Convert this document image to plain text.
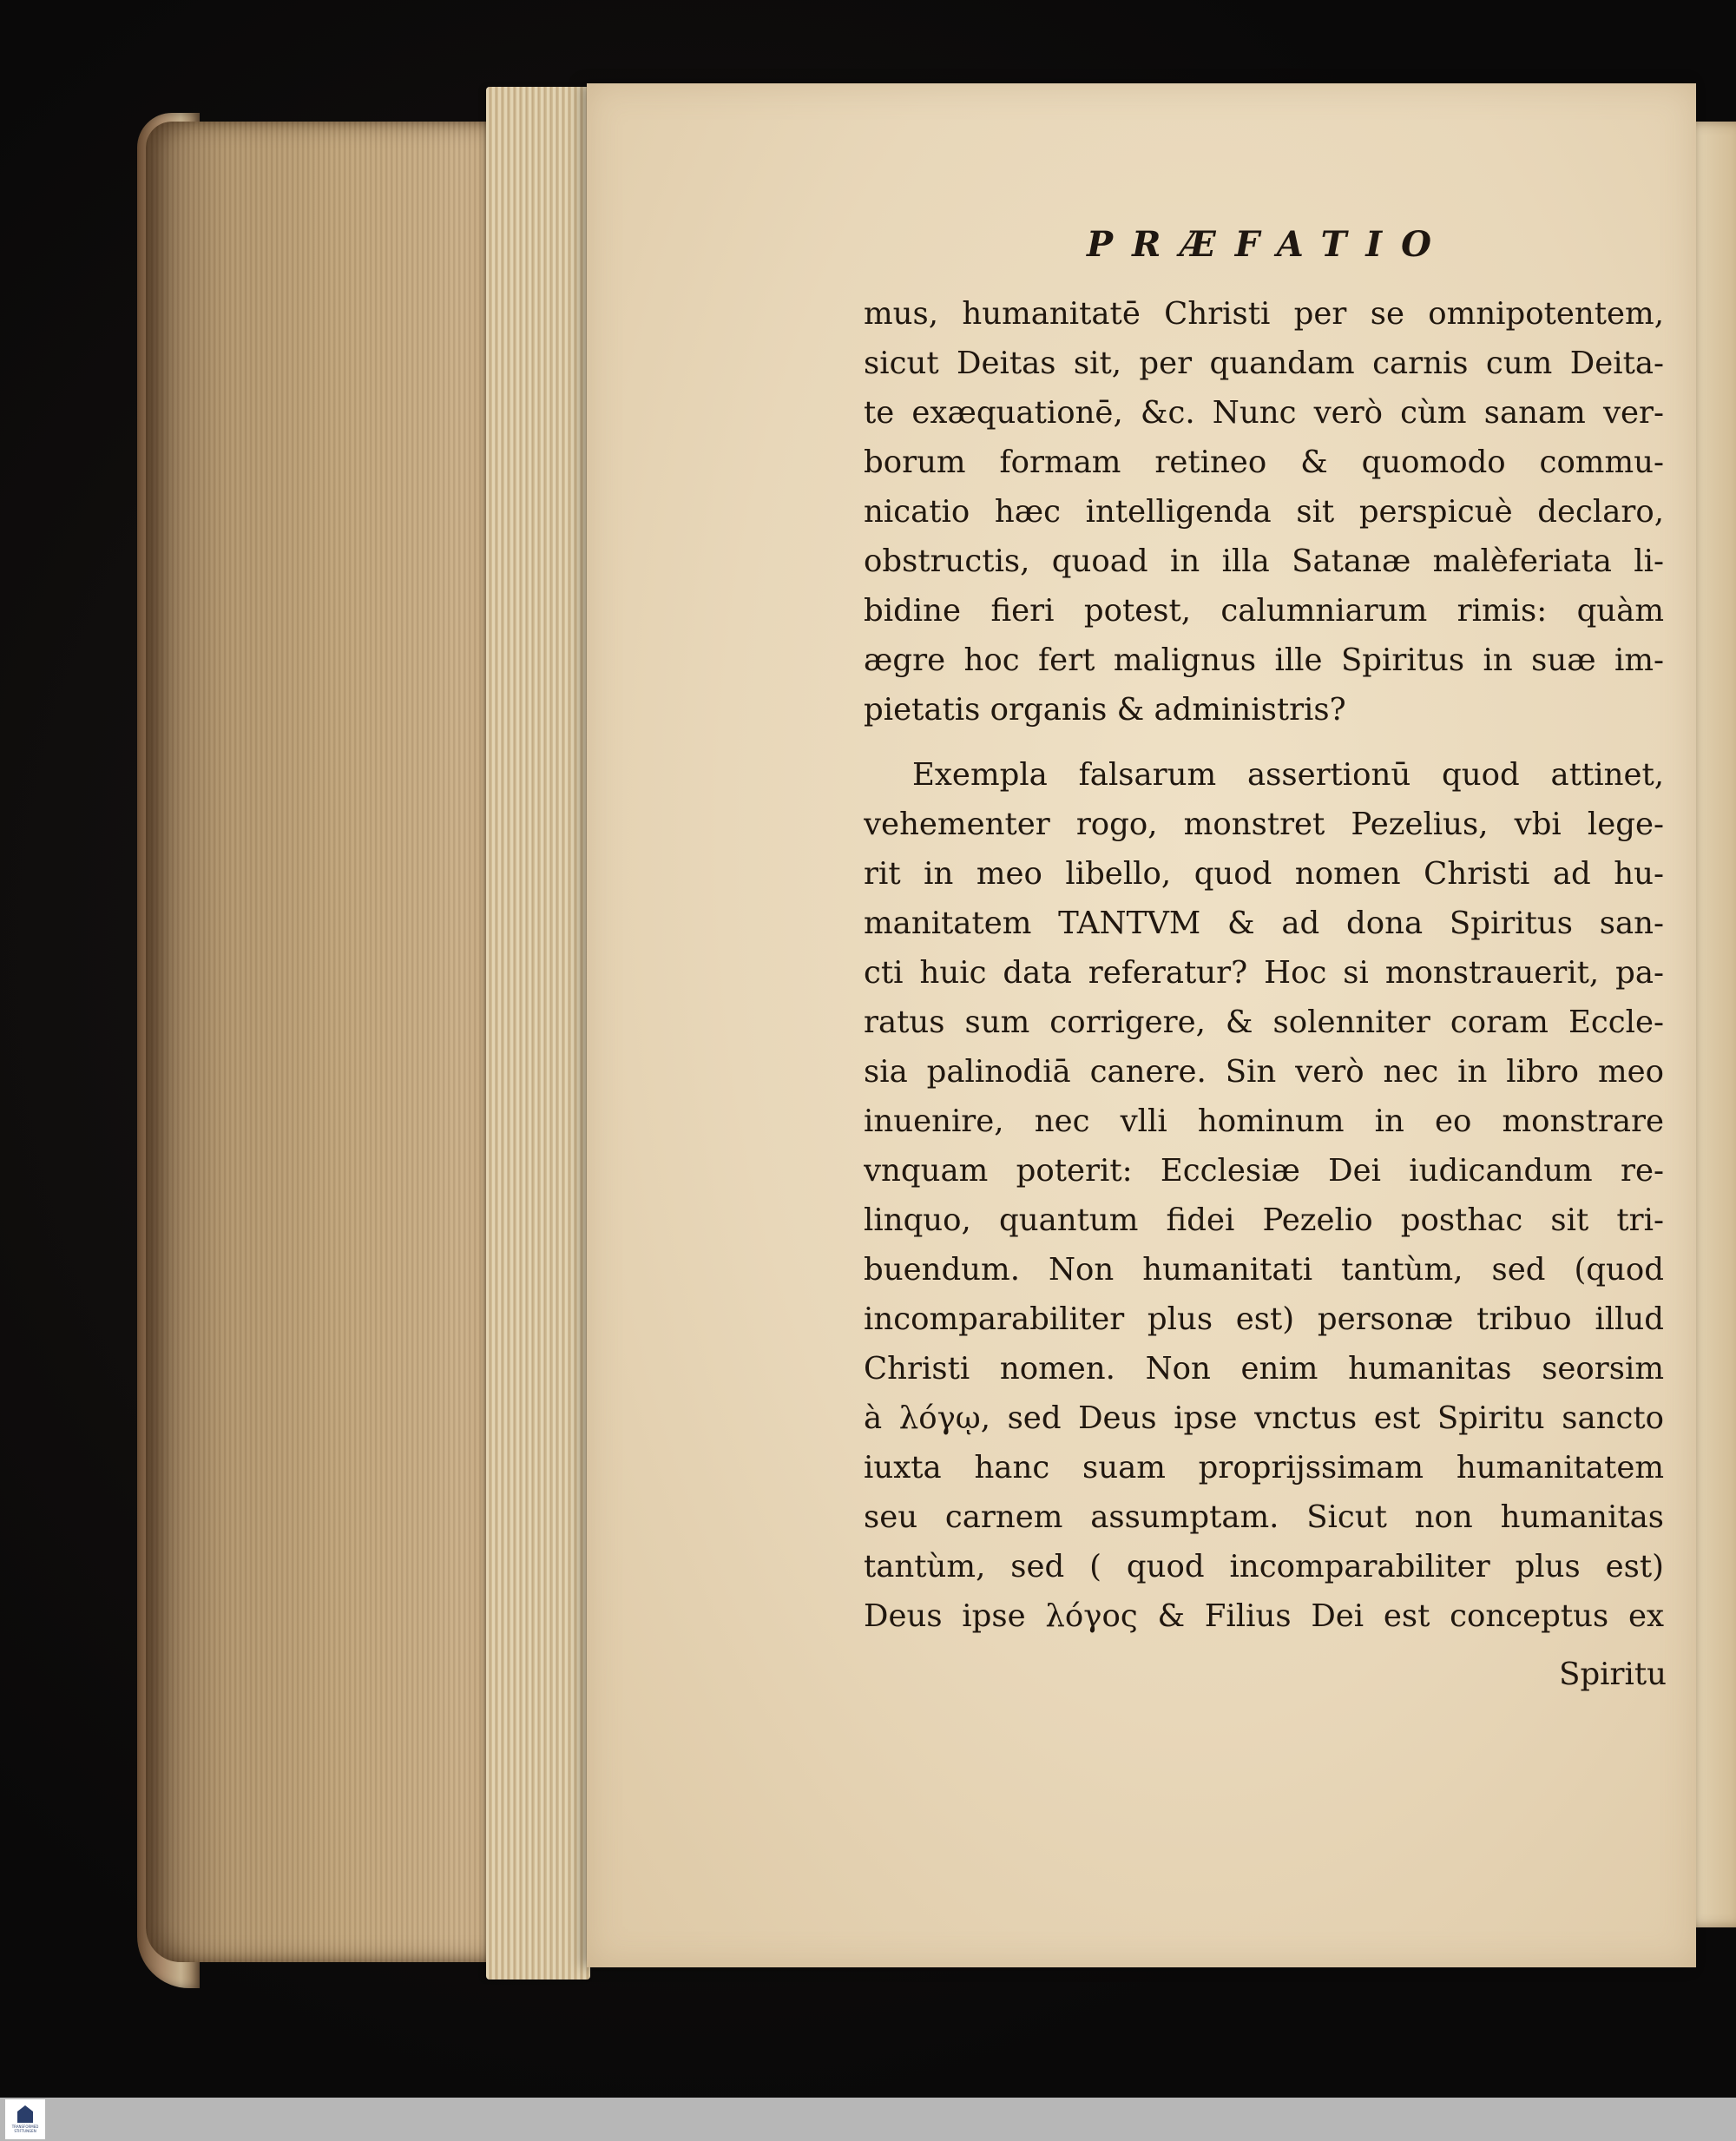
PRÆFATIO
mus, humanitatē Christi per se omnipotentem,
sicut Deitas sit, per quandam carnis cum Deita-
te exæquationē, &c. Nunc verò cùm sanam ver-
borum formam retineo & quomodo commu-
nicatio hæc intelligenda sit perspicuè declaro,
obstructis, quoad in illa Satanæ malèferiata li-
bidine fieri potest, calumniarum rimis: quàm
ægre hoc fert malignus ille Spiritus in suæ im-
pietatis organis & administris?
Exempla falsarum assertionū quod attinet,
vehementer rogo, monstret Pezelius, vbi lege-
rit in meo libello, quod nomen Christi ad hu-
manitatem TANTVM & ad dona Spiritus san-
cti huic data referatur? Hoc si monstrauerit, pa-
ratus sum corrigere, & solenniter coram Eccle-
sia palinodiā canere. Sin verò nec in libro meo
inuenire, nec vlli hominum in eo monstrare
vnquam poterit: Ecclesiæ Dei iudicandum re-
linquo, quantum fidei Pezelio posthac sit tri-
buendum. Non humanitati tantùm, sed (quod
incomparabiliter plus est) personæ tribuo illud
Christi nomen. Non enim humanitas seorsim
à λόγῳ, sed Deus ipse vnctus est Spiritu sancto
iuxta hanc suam proprijssimam humanitatem
seu carnem assumptam. Sicut non humanitas
tantùm, sed ( quod incomparabiliter plus est)
Deus ipse λόγος & Filius Dei est conceptus ex
Spiritu
TRANSFORMED STIFTUNGEN
